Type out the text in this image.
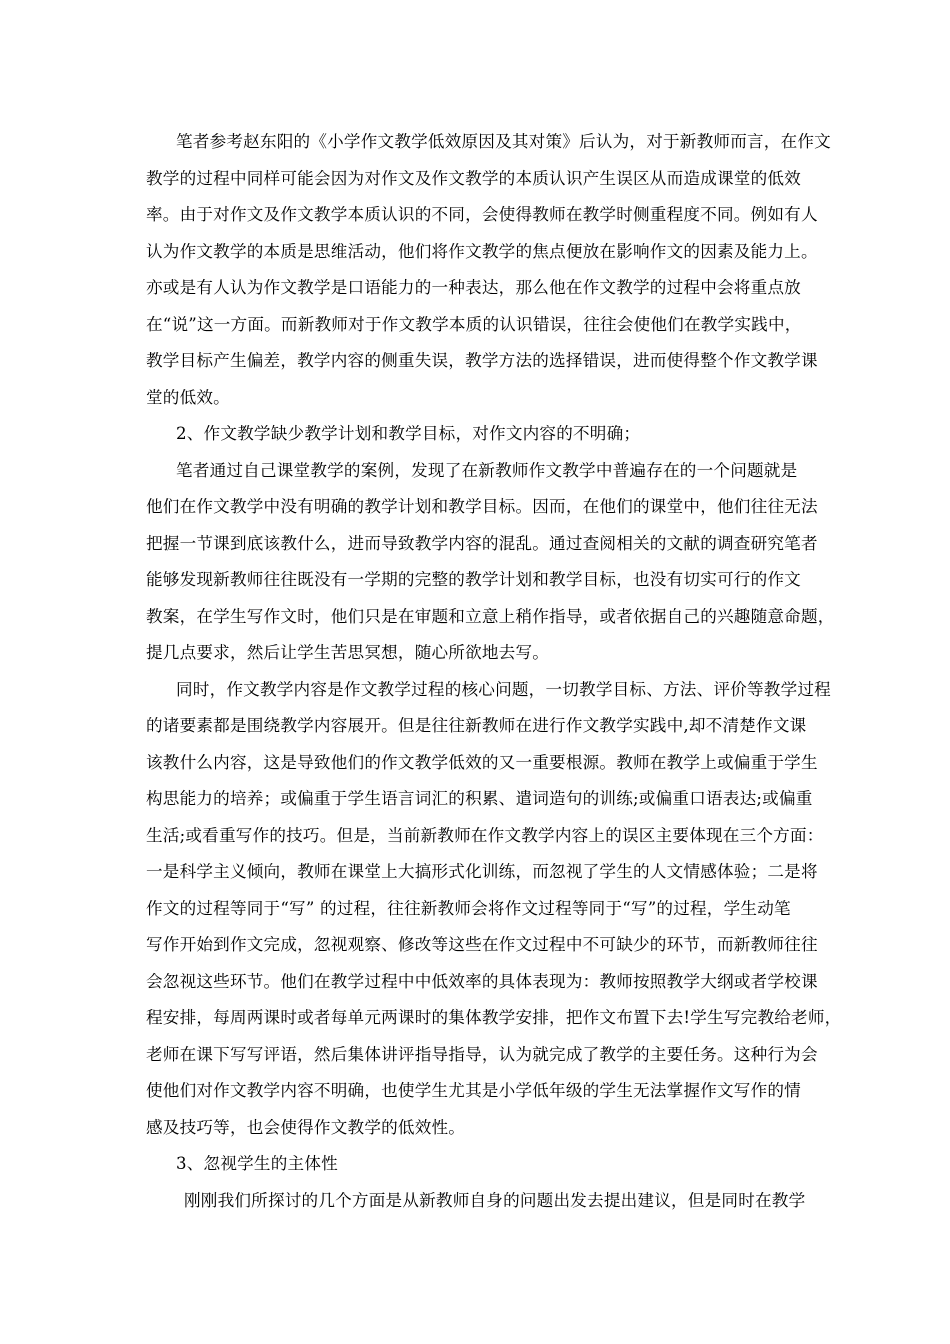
笔者参考赵东阳的《小学作文教学低效原因及其对策》后认为，对于新教师而言，在作文
教学的过程中同样可能会因为对作文及作文教学的本质认识产生误区从而造成课堂的低效
率。由于对作文及作文教学本质认识的不同，会使得教师在教学时侧重程度不同。例如有人
认为作文教学的本质是思维活动，他们将作文教学的焦点便放在影响作文的因素及能力上。
亦或是有人认为作文教学是口语能力的一种表达，那么他在作文教学的过程中会将重点放
在“说”这一方面。而新教师对于作文教学本质的认识错误，往往会使他们在教学实践中，
教学目标产生偏差，教学内容的侧重失误，教学方法的选择错误，进而使得整个作文教学课
堂的低效。
2、作文教学缺少教学计划和教学目标，对作文内容的不明确；
笔者通过自己课堂教学的案例，发现了在新教师作文教学中普遍存在的一个问题就是
他们在作文教学中没有明确的教学计划和教学目标。因而，在他们的课堂中，他们往往无法
把握一节课到底该教什么，进而导致教学内容的混乱。通过查阅相关的文献的调查研究笔者
能够发现新教师往往既没有一学期的完整的教学计划和教学目标，也没有切实可行的作文
教案，在学生写作文时，他们只是在审题和立意上稍作指导，或者依据自己的兴趣随意命题，
提几点要求，然后让学生苦思冥想，随心所欲地去写。
同时，作文教学内容是作文教学过程的核心问题，一切教学目标、方法、评价等教学过程
的诸要素都是围绕教学内容展开。但是往往新教师在进行作文教学实践中,却不清楚作文课
该教什么内容，这是导致他们的作文教学低效的又一重要根源。教师在教学上或偏重于学生
构思能力的培养；或偏重于学生语言词汇的积累、遣词造句的训练;或偏重口语表达;或偏重
生活;或看重写作的技巧。但是，当前新教师在作文教学内容上的误区主要体现在三个方面：
一是科学主义倾向，教师在课堂上大搞形式化训练，而忽视了学生的人文情感体验；二是将
作文的过程等同于“写” 的过程，往往新教师会将作文过程等同于“写”的过程，学生动笔
写作开始到作文完成，忽视观察、修改等这些在作文过程中不可缺少的环节，而新教师往往
会忽视这些环节。他们在教学过程中中低效率的具体表现为：教师按照教学大纲或者学校课
程安排，每周两课时或者每单元两课时的集体教学安排，把作文布置下去!学生写完教给老师，
老师在课下写写评语，然后集体讲评指导指导，认为就完成了教学的主要任务。这种行为会
使他们对作文教学内容不明确，也使学生尤其是小学低年级的学生无法掌握作文写作的情
感及技巧等，也会使得作文教学的低效性。
3、忽视学生的主体性
刚刚我们所探讨的几个方面是从新教师自身的问题出发去提出建议，但是同时在教学
